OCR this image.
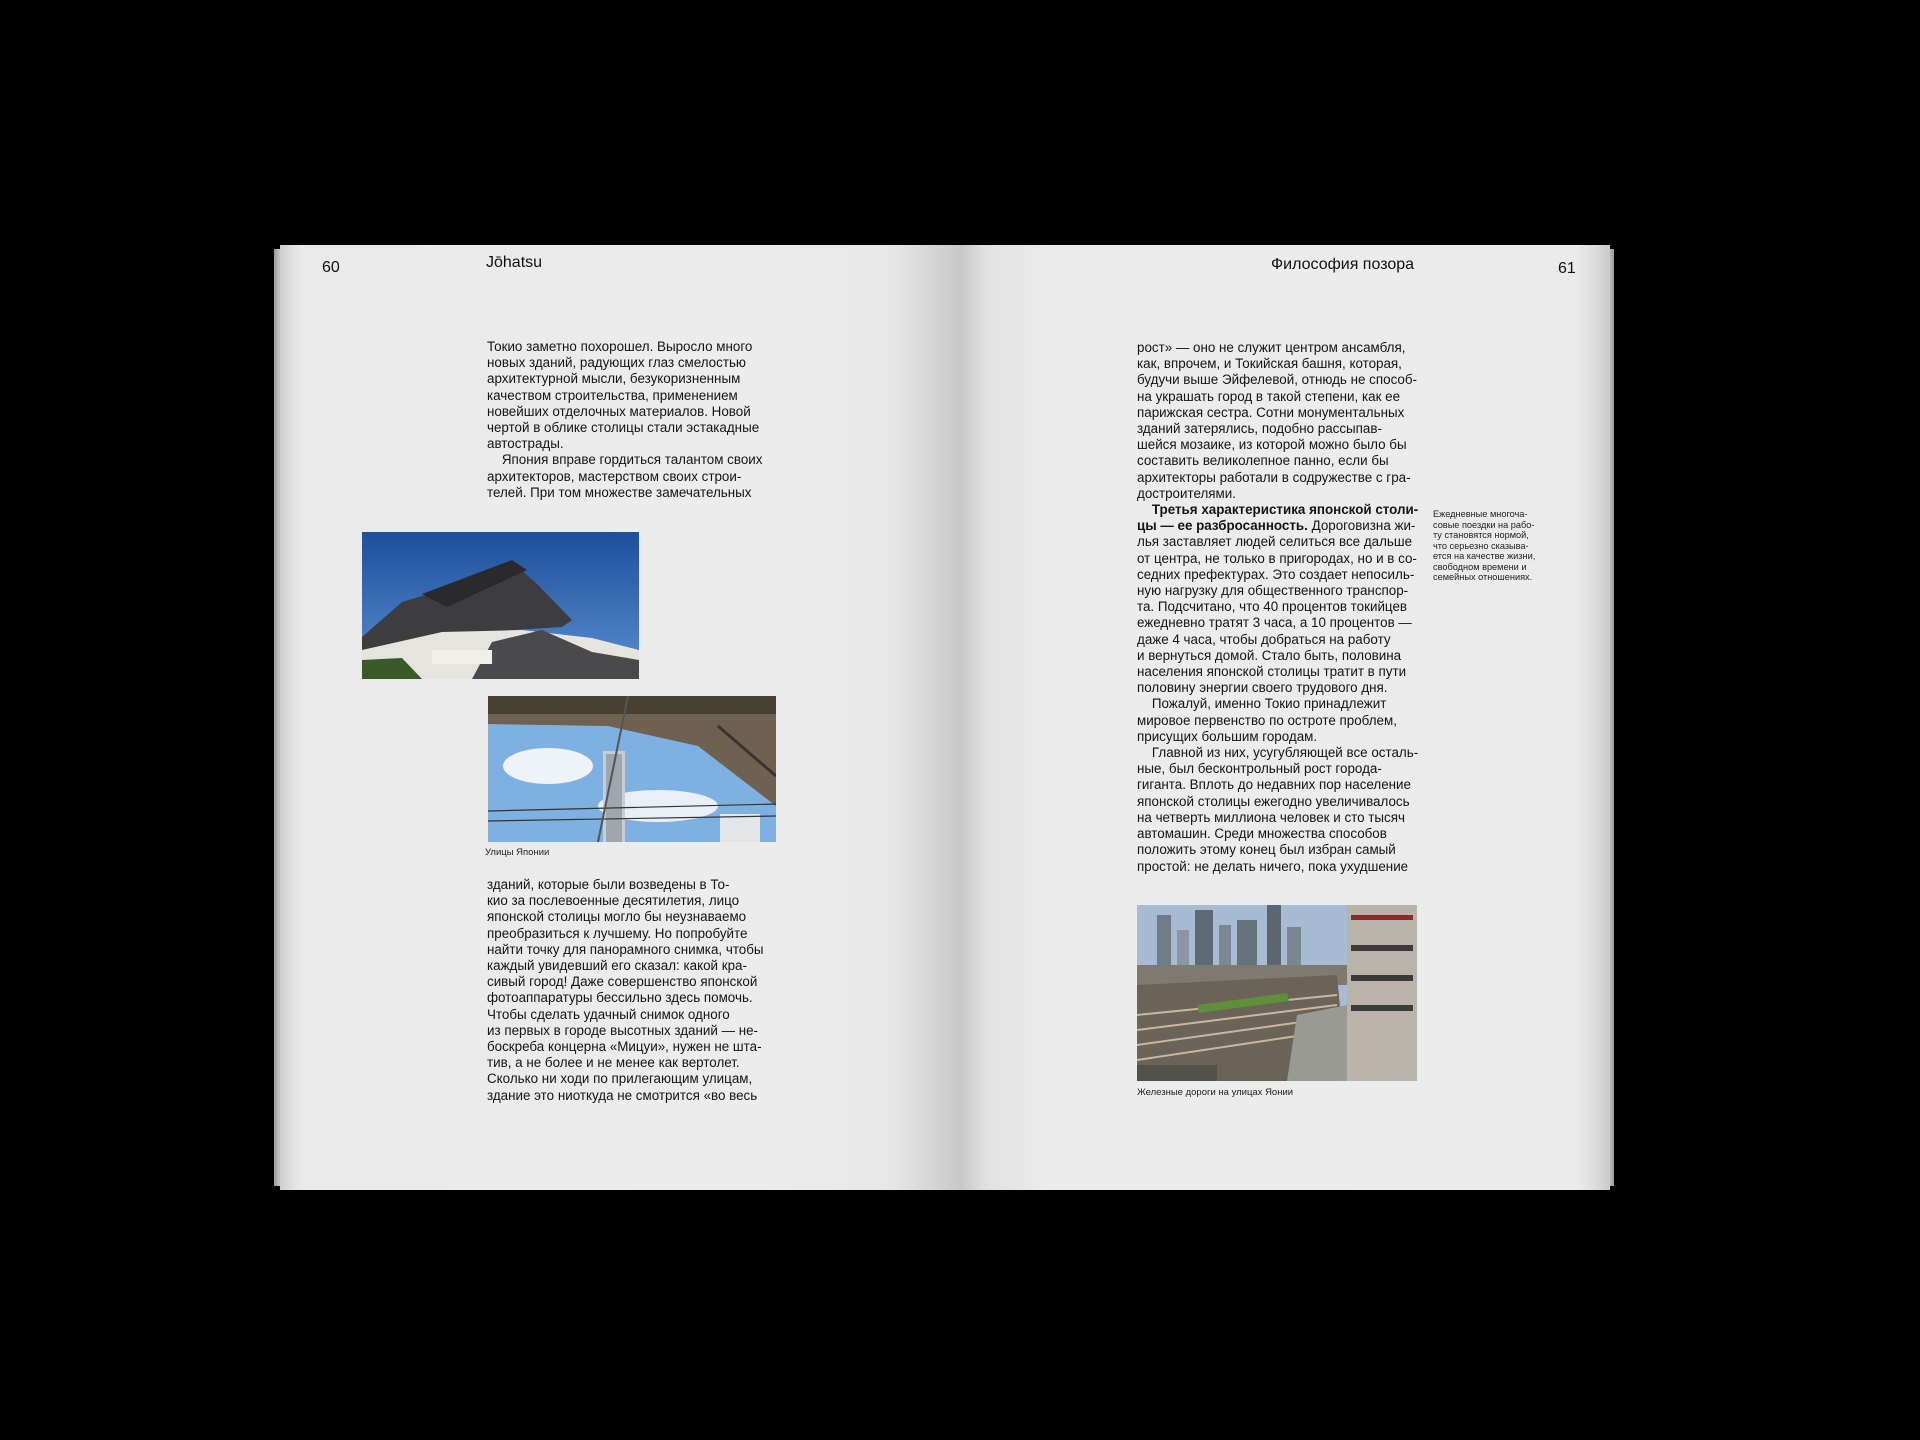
60	Jōhatsu
Токио заметно похорошел. Выросло много
новых зданий, радующих глаз смелостью
архитектурной мысли, безукоризненным
качеством строительства, применением
новейших отделочных материалов. Новой
чертой в облике столицы стали эстакадные
автострады.
Япония вправе гордиться талантом своих
архитекторов, мастерством своих строи-
телей. При том множестве замечательных
Улицы Японии
зданий, которые были возведены в То-
кио за послевоенные десятилетия, лицо
японской столицы могло бы неузнаваемо
преобразиться к лучшему. Но попробуйте
найти точку для панорамного снимка, чтобы
каждый увидевший его сказал: какой кра-
сивый город! Даже совершенство японской
фотоаппаратуры бессильно здесь помочь.
Чтобы сделать удачный снимок одного
из первых в городе высотных зданий — не-
боскреба концерна «Мицуи», нужен не шта-
тив, а не более и не менее как вертолет.
Сколько ни ходи по прилегающим улицам,
здание это ниоткуда не смотрится «во весь
Философия позора	61
рост» — оно не служит центром ансамбля,
как, впрочем, и Токийская башня, которая,
будучи выше Эйфелевой, отнюдь не способ-
на украшать город в такой степени, как ее
парижская сестра. Сотни монументальных
зданий затерялись, подобно рассыпав-
шейся мозаике, из которой можно было бы
составить великолепное панно, если бы
архитекторы работали в содружестве с гра-
достроителями.
Третья характеристика японской столи-
цы — ее разбросанность. Дороговизна жи-
лья заставляет людей селиться все дальше
от центра, не только в пригородах, но и в со-
седних префектурах. Это создает непосиль-
ную нагрузку для общественного транспор-
та. Подсчитано, что 40 процентов токийцев
ежедневно тратят 3 часа, а 10 процентов —
даже 4 часа, чтобы добраться на работу
и вернуться домой. Стало быть, половина
населения японской столицы тратит в пути
половину энергии своего трудового дня.
Пожалуй, именно Токио принадлежит
мировое первенство по остроте проблем,
присущих большим городам.
Главной из них, усугубляющей все осталь-
ные, был бесконтрольный рост города-
гиганта. Вплоть до недавних пор население
японской столицы ежегодно увеличивалось
на четверть миллиона человек и сто тысяч
автомашин. Среди множества способов
положить этому конец был избран самый
простой: не делать ничего, пока ухудшение
Ежедневные многоча-
совые поездки на рабо-
ту становятся нормой,
что серьезно сказыва-
ется на качестве жизни,
свободном времени и
семейных отношениях.
Железные дороги на улицах Яонии
